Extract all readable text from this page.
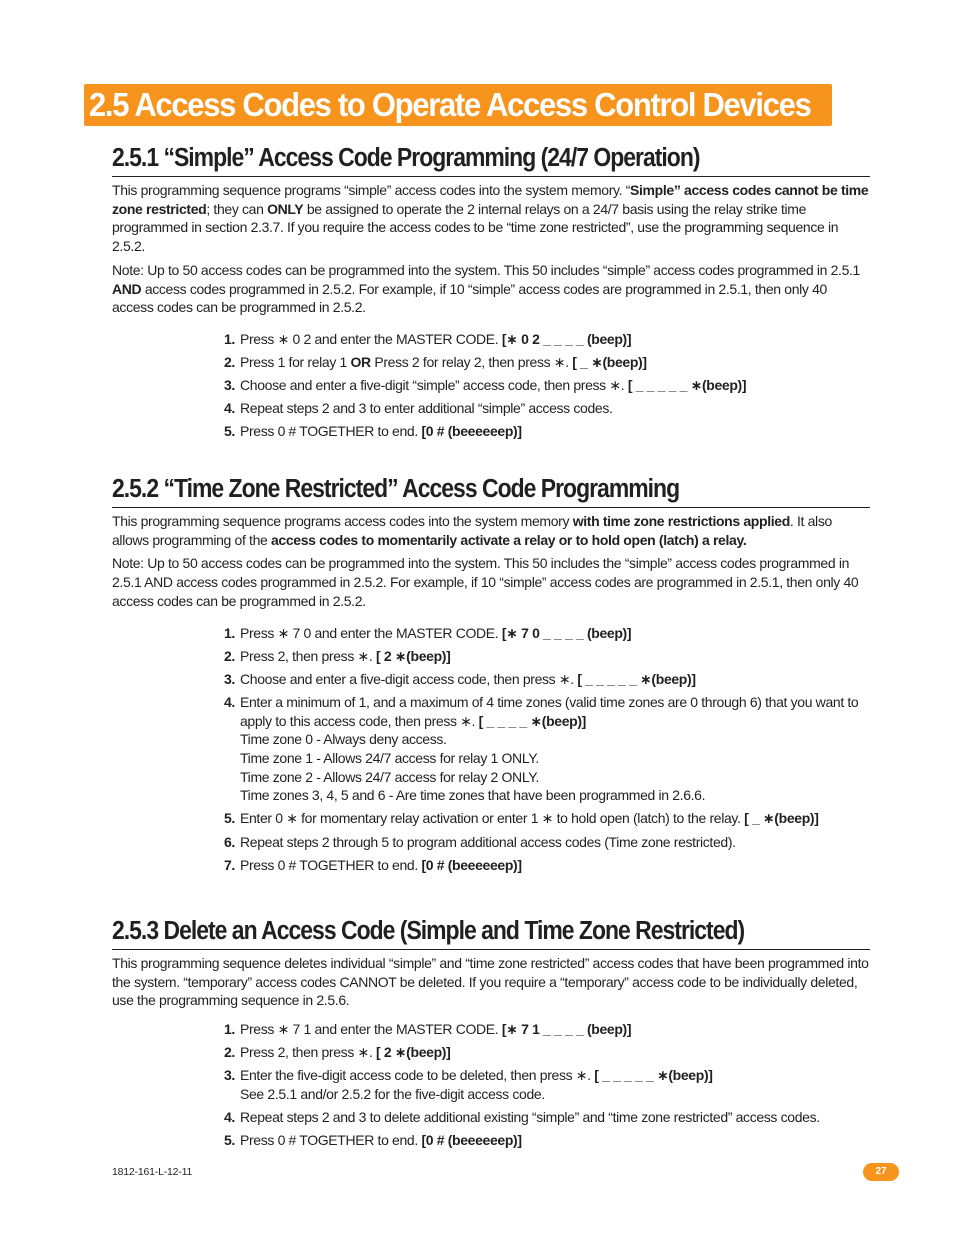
2.5 Access Codes to Operate Access Control Devices
2.5.1 “Simple” Access Code Programming (24/7 Operation)

This programming sequence programs “simple” access codes into the system memory. “Simple” access codes cannot be time zone restricted; they can ONLY be assigned to operate the 2 internal relays on a 24/7 basis using the relay strike time programmed in section 2.3.7. If you require the access codes to be “time zone restricted”, use the programming sequence in 2.5.2.

Note: Up to 50 access codes can be programmed into the system. This 50 includes “simple” access codes programmed in 2.5.1 AND access codes programmed in 2.5.2. For example, if 10 “simple” access codes are programmed in 2.5.1, then only 40 access codes can be programmed in 2.5.2.

1. Press ∗ 0 2 and enter the MASTER CODE. [∗ 0 2 _ _ _ _ (beep)]
2. Press 1 for relay 1 OR Press 2 for relay 2, then press ∗. [ _ ∗(beep)]
3. Choose and enter a five-digit “simple” access code, then press ∗. [ _ _ _ _ _ ∗(beep)]
4. Repeat steps 2 and 3 to enter additional “simple” access codes.
5. Press 0 # TOGETHER to end. [0 # (beeeeeep)]
2.5.2 “Time Zone Restricted” Access Code Programming

This programming sequence programs access codes into the system memory with time zone restrictions applied. It also allows programming of the access codes to momentarily activate a relay or to hold open (latch) a relay.

Note: Up to 50 access codes can be programmed into the system. This 50 includes the “simple” access codes programmed in 2.5.1 AND access codes programmed in 2.5.2. For example, if 10 “simple” access codes are programmed in 2.5.1, then only 40 access codes can be programmed in 2.5.2.

1. Press ∗ 7 0 and enter the MASTER CODE. [∗ 7 0 _ _ _ _ (beep)]
2. Press 2, then press ∗. [ 2 ∗(beep)]
3. Choose and enter a five-digit access code, then press ∗. [ _ _ _ _ _ ∗(beep)]
4. Enter a minimum of 1, and a maximum of 4 time zones (valid time zones are 0 through 6) that you want to apply to this access code, then press ∗. [ _ _ _ _ ∗(beep)]
Time zone 0 - Always deny access.
Time zone 1 - Allows 24/7 access for relay 1 ONLY.
Time zone 2 - Allows 24/7 access for relay 2 ONLY.
Time zones 3, 4, 5 and 6 - Are time zones that have been programmed in 2.6.6.
5. Enter 0 ∗ for momentary relay activation or enter 1 ∗ to hold open (latch) to the relay. [ _ ∗(beep)]
6. Repeat steps 2 through 5 to program additional access codes (Time zone restricted).
7. Press 0 # TOGETHER to end. [0 # (beeeeeep)]
2.5.3 Delete an Access Code (Simple and Time Zone Restricted)

This programming sequence deletes individual “simple” and “time zone restricted” access codes that have been programmed into the system. “temporary” access codes CANNOT be deleted. If you require a “temporary” access code to be individually deleted, use the programming sequence in 2.5.6.

1. Press ∗ 7 1 and enter the MASTER CODE. [∗ 7 1 _ _ _ _ (beep)]
2. Press 2, then press ∗. [ 2 ∗(beep)]
3. Enter the five-digit access code to be deleted, then press ∗. [ _ _ _ _ _ ∗(beep)]
See 2.5.1 and/or 2.5.2 for the five-digit access code.
4. Repeat steps 2 and 3 to delete additional existing “simple” and “time zone restricted” access codes.
5. Press 0 # TOGETHER to end. [0 # (beeeeeep)]
1812-161-L-12-11	27
